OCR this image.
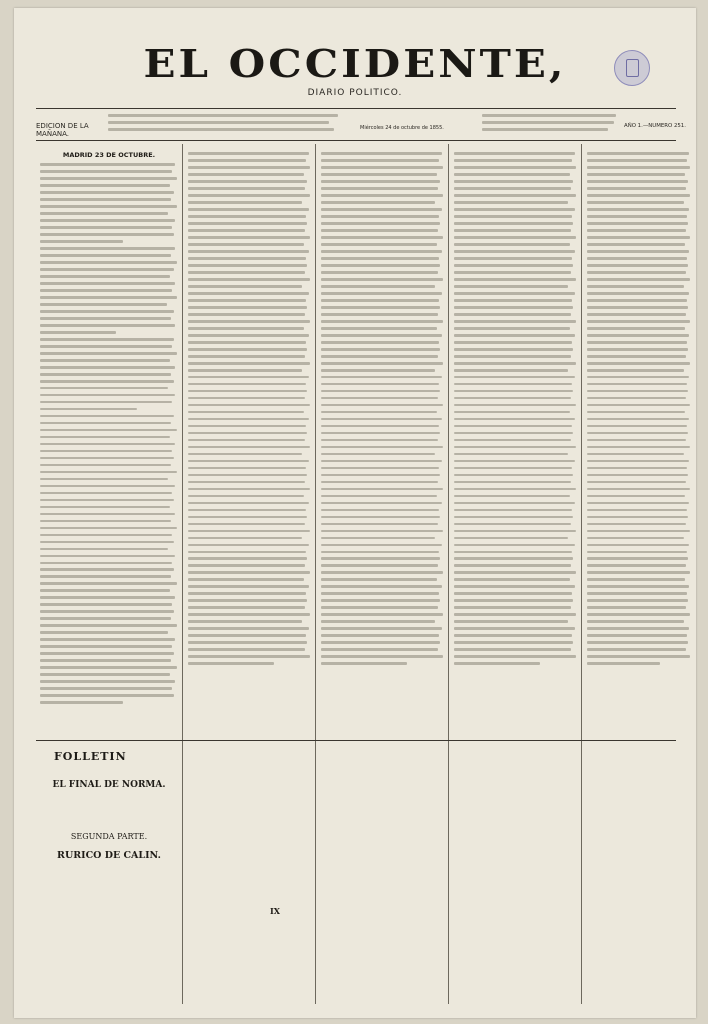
EL OCCIDENTE,
DIARIO POLITICO.
EDICION DE LA MAÑANA.
Miércoles 24 de octubre de 1855.	AÑO 1.—NUMERO 251.
MADRID 23 DE OCTUBRE.
FOLLETIN
EL FINAL DE NORMA.
SEGUNDA PARTE.
RURICO DE CALIN.
IX
